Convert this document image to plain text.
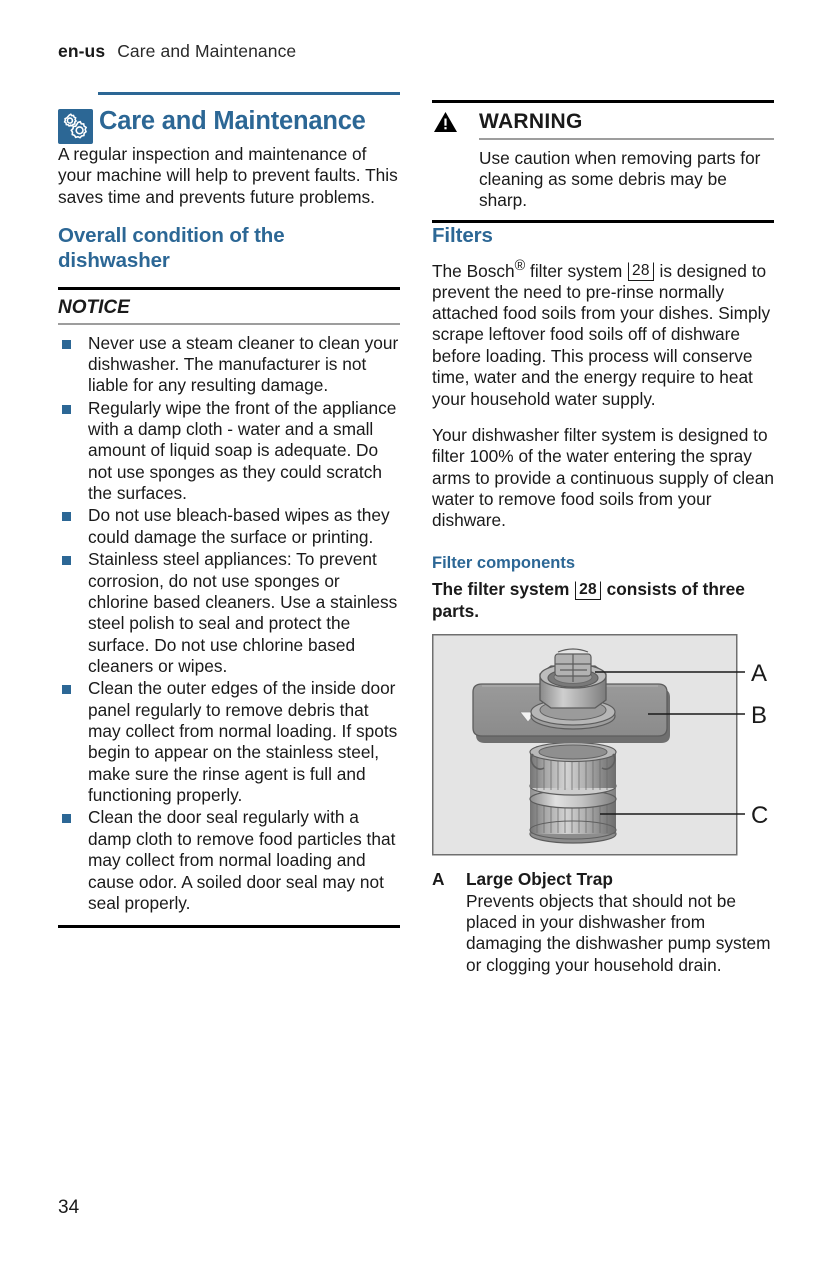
en-us Care and Maintenance
Care and Maintenance

A regular inspection and maintenance of your machine will help to prevent faults. This saves time and prevents future problems.

Overall condition of the dishwasher
NOTICE
Never use a steam cleaner to clean your dishwasher. The manufacturer is not liable for any resulting damage.
Regularly wipe the front of the appliance with a damp cloth - water and a small amount of liquid soap is adequate. Do not use sponges as they could scratch the surfaces.
Do not use bleach-based wipes as they could damage the surface or printing.
Stainless steel appliances: To prevent corrosion, do not use sponges or chlorine based cleaners. Use a stainless steel polish to seal and protect the surface. Do not use chlorine based cleaners or wipes.
Clean the outer edges of the inside door panel regularly to remove debris that may collect from normal loading. If spots begin to appear on the stainless steel, make sure the rinse agent is full and functioning properly.
Clean the door seal regularly with a damp cloth to remove food particles that may collect from normal loading and cause odor. A soiled door seal may not seal properly.
WARNING
Use caution when removing parts for cleaning as some debris may be sharp.
Filters

The Bosch® filter system 28 is designed to prevent the need to pre-rinse normally attached food soils from your dishes. Simply scrape leftover food soils off of dishware before loading. This process will conserve time, water and the energy require to heat your household water supply.

Your dishwasher filter system is designed to filter 100% of the water entering the spray arms to provide a continuous supply of clean water to remove food soils from your dishware.

Filter components

The filter system 28 consists of three parts.

A
B
C
A	Large Object Trap
Prevents objects that should not be placed in your dishwasher from damaging the dishwasher pump system or clogging your household drain.
34
